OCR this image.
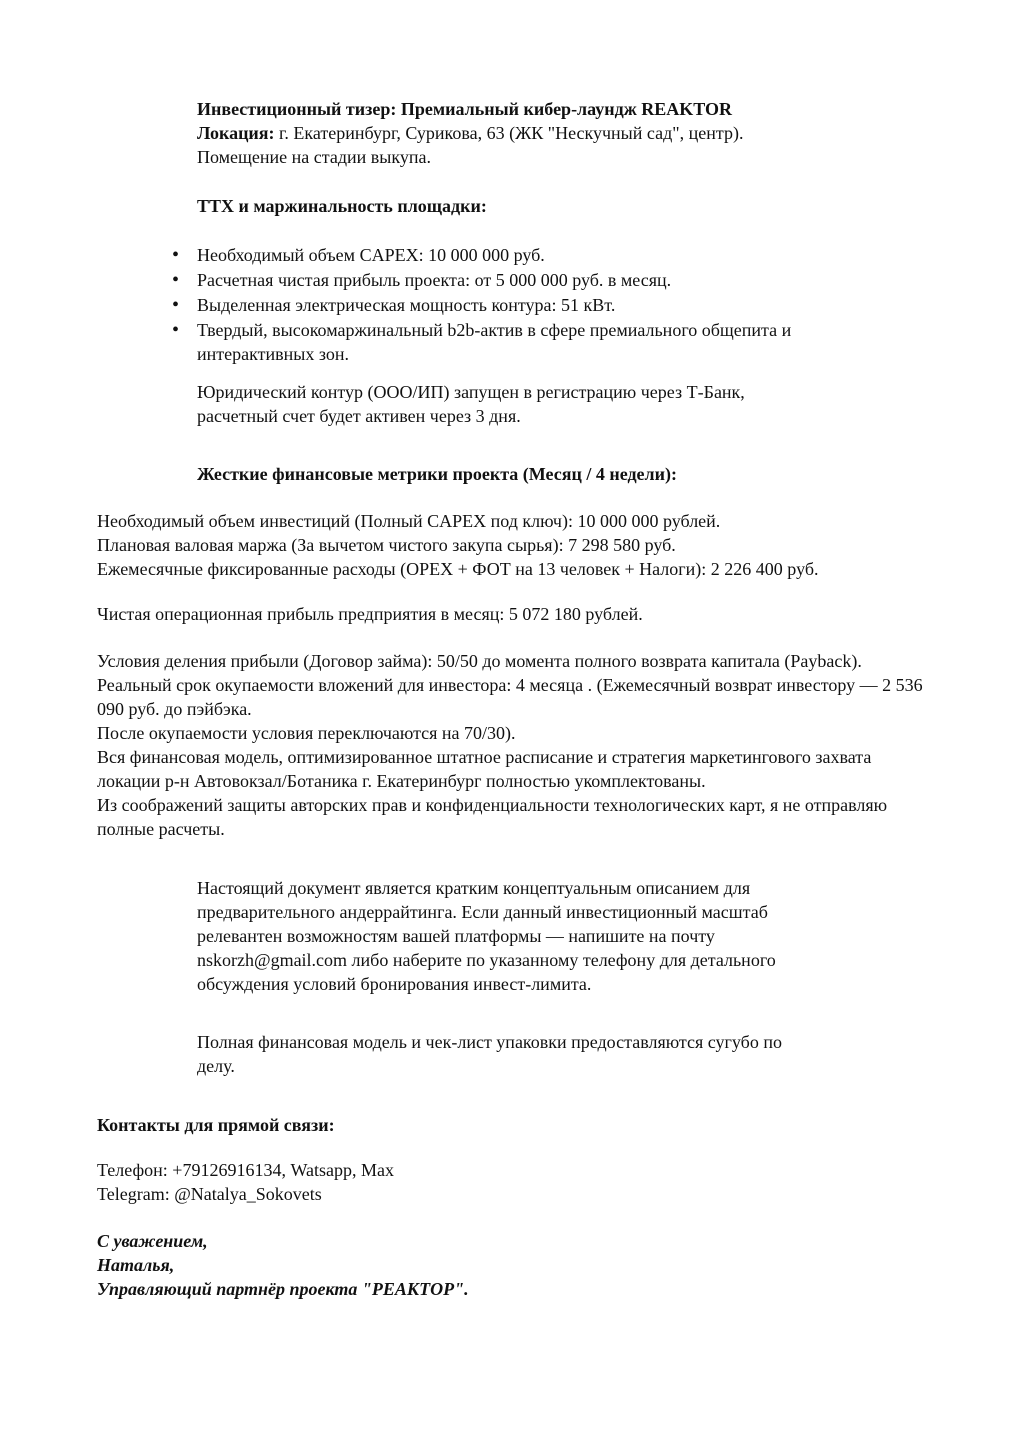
Инвестиционный тизер: Премиальный кибер-лаундж REAKTOR
Локация: г. Екатеринбург, Сурикова, 63 (ЖК "Нескучный сад", центр).
Помещение на стадии выкупа.
ТТХ и маржинальность площадки:
• Необходимый объем CAPEX: 10 000 000 руб.
• Расчетная чистая прибыль проекта: от 5 000 000 руб. в месяц.
• Выделенная электрическая мощность контура: 51 кВт.
• Твердый, высокомаржинальный b2b-актив в сфере премиального общепита и интерактивных зон.
Юридический контур (ООО/ИП) запущен в регистрацию через Т-Банк, расчетный счет будет активен через 3 дня.
Жесткие финансовые метрики проекта (Месяц / 4 недели):
Необходимый объем инвестиций (Полный CAPEX под ключ): 10 000 000 рублей.
Плановая валовая маржа (За вычетом чистого закупа сырья): 7 298 580 руб.
Ежемесячные фиксированные расходы (OPEX + ФОТ на 13 человек + Налоги): 2 226 400 руб.
Чистая операционная прибыль предприятия в месяц: 5 072 180 рублей.
Условия деления прибыли (Договор займа): 50/50 до момента полного возврата капитала (Payback).
Реальный срок окупаемости вложений для инвестора: 4 месяца . (Ежемесячный возврат инвестору — 2 536 090 руб. до пэйбэка.
После окупаемости условия переключаются на 70/30).
Вся финансовая модель, оптимизированное штатное расписание и стратегия маркетингового захвата локации р-н Автовокзал/Ботаника г. Екатеринбург полностью укомплектованы.
Из соображений защиты авторских прав и конфиденциальности технологических карт, я не отправляю полные расчеты.
Настоящий документ является кратким концептуальным описанием для предварительного андеррайтинга. Если данный инвестиционный масштаб релевантен возможностям вашей платформы — напишите на почту nskorzh@gmail.com либо наберите по указанному телефону для детального обсуждения условий бронирования инвест-лимита.
Полная финансовая модель и чек-лист упаковки предоставляются сугубо по делу.
Контакты для прямой связи:
Телефон: +79126916134, Watsapp, Max
Telegram: @Natalya_Sokovets
С уважением,
Наталья,
Управляющий партнёр проекта "РЕАКТОР".
